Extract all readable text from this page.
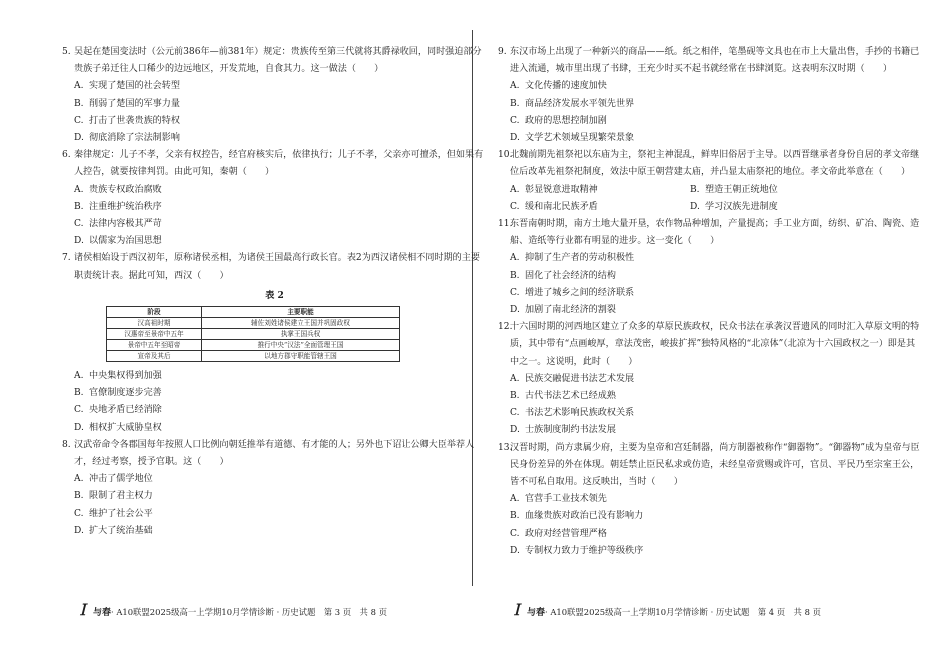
5. 吴起在楚国变法时（公元前386年—前381年）规定：贵族传至第三代就将其爵禄收回，同时强迫部分贵族子弟迁往人口稀少的边远地区，开发荒地，自食其力。这一做法（　　）
A. 实现了楚国的社会转型
B. 削弱了楚国的军事力量
C. 打击了世袭贵族的特权
D. 彻底消除了宗法制影响
6. 秦律规定：儿子不孝，父亲有权控告，经官府核实后，依律执行；儿子不孝，父亲亦可擅杀，但如果有人控告，就要按律判罚。由此可知，秦朝（　　）
A. 贵族专权政治腐败
B. 注重维护统治秩序
C. 法律内容极其严苛
D. 以儒家为治国思想
7. 诸侯相始设于西汉初年，原称诸侯丞相，为诸侯王国最高行政长官。表2为西汉诸侯相不同时期的主要职责统计表。据此可知，西汉（　　）
表 2
阶段	主要职能
汉高祖时期	辅佐刘姓诸侯建立王国并巩固政权
汉惠帝至景帝中五年	执掌王国兵权
景帝中五年至昭帝	推行中央“汉法”全面管理王国
宣帝及其后	以地方郡守职能管辖王国
A. 中央集权得到加强
B. 官僚制度逐步完善
C. 央地矛盾已经消除
D. 相权扩大威胁皇权
8. 汉武帝命令各郡国每年按照人口比例向朝廷推举有道德、有才能的人；另外也下诏让公卿大臣举荐人才，经过考察，授予官职。这（　　）
A. 冲击了儒学地位
B. 限制了君主权力
C. 维护了社会公平
D. 扩大了统治基础
9. 东汉市场上出现了一种新兴的商品——纸。纸之相伴，笔墨砚等文具也在市上大量出售，手抄的书籍已进入流通，城市里出现了书肆，王充少时买不起书就经常在书肆浏览。这表明东汉时期（　　）
A. 文化传播的速度加快
B. 商品经济发展水平领先世界
C. 政府的思想控制加剧
D. 文学艺术领域呈现繁荣景象
10.北魏前期先祖祭祀以东庙为主，祭祀主神混乱，鲜卑旧俗居于主导。以西晋继承者身份自居的孝文帝继位后改革先祖祭祀制度，效法中原王朝营建太庙，并凸显太庙祭祀的地位。孝文帝此举意在（　　）
A. 彰显锐意进取精神	B. 塑造王朝正统地位
C. 缓和南北民族矛盾	D. 学习汉族先进制度
11.东晋南朝时期，南方土地大量开垦，农作物品种增加，产量提高；手工业方面，纺织、矿冶、陶瓷、造船、造纸等行业都有明显的进步。这一变化（　　）
A. 抑制了生产者的劳动积极性
B. 固化了社会经济的结构
C. 增进了城乡之间的经济联系
D. 加剧了南北经济的割裂
12.十六国时期的河西地区建立了众多的草原民族政权，民众书法在承袭汉晋遗风的同时汇入草原文明的特质，其中带有“点画峻厚，章法茂密，峻拔扩挥”独特风格的“北凉体”（北凉为十六国政权之一）即是其中之一。这说明，此时（　　）
A. 民族交融促进书法艺术发展
B. 古代书法艺术已经成熟
C. 书法艺术影响民族政权关系
D. 士族制度制约书法发展
13.汉晋时期，尚方隶属少府，主要为皇帝和宫廷制器，尚方制器被称作“御器物”。“御器物”成为皇帝与臣民身份差异的外在体现。朝廷禁止臣民私求或仿造，未经皇帝赏赐或许可，官员、平民乃至宗室王公，皆不可私自取用。这反映出，当时（　　）
A. 官营手工业技术领先
B. 血缘贵族对政治已没有影响力
C. 政府对经营管理严格
D. 专制权力致力于维护等级秩序
Ｉ与春· A10联盟2025级高一上学期10月学情诊断 · 历史试题　第 3 页　共 8 页	Ｉ与春· A10联盟2025级高一上学期10月学情诊断 · 历史试题　第 4 页　共 8 页
